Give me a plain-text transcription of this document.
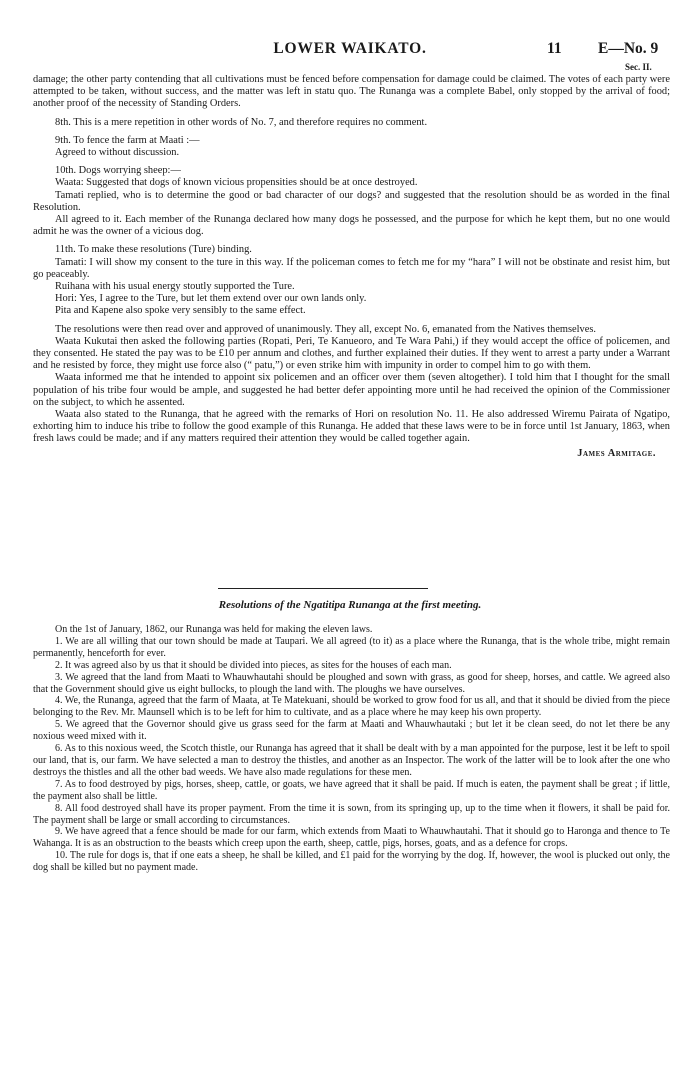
LOWER WAIKATO.	11 E—No. 9
Sec. II.

damage; the other party contending that all cultivations must be fenced before compensation for damage could be claimed. The votes of each party were attempted to be taken, without success, and the matter was left in statu quo. The Runanga was a complete Babel, only stopped by the arrival of food; another proof of the necessity of Standing Orders.

8th. This is a mere repetition in other words of No. 7, and therefore requires no comment.

9th. To fence the farm at Maati :—

Agreed to without discussion.

10th. Dogs worrying sheep:—

Waata: Suggested that dogs of known vicious propensities should be at once destroyed.

Tamati replied, who is to determine the good or bad character of our dogs? and suggested that the resolution should be as worded in the final Resolution.

All agreed to it. Each member of the Runanga declared how many dogs he possessed, and the purpose for which he kept them, but no one would admit he was the owner of a vicious dog.

11th. To make these resolutions (Ture) binding.

Tamati: I will show my consent to the ture in this way. If the policeman comes to fetch me for my “hara” I will not be obstinate and resist him, but go peaceably.

Ruihana with his usual energy stoutly supported the Ture.

Hori: Yes, I agree to the Ture, but let them extend over our own lands only.

Pita and Kapene also spoke very sensibly to the same effect.

The resolutions were then read over and approved of unanimously. They all, except No. 6, emanated from the Natives themselves.

Waata Kukutai then asked the following parties (Ropati, Peri, Te Kanueoro, and Te Wara Pahi,) if they would accept the office of policemen, and they consented. He stated the pay was to be £10 per annum and clothes, and further explained their duties. If they went to arrest a party under a Warrant and he resisted by force, they might use force also (“ patu,”) or even strike him with impunity in order to compel him to go with them.

Waata informed me that he intended to appoint six policemen and an officer over them (seven altogether). I told him that I thought for the small population of his tribe four would be ample, and suggested he had better defer appointing more until he had received the opinion of the Commissioner on the subject, to which he assented.

Waata also stated to the Runanga, that he agreed with the remarks of Hori on resolution No. 11. He also addressed Wiremu Pairata of Ngatipo, exhorting him to induce his tribe to follow the good example of this Runanga. He added that these laws were to be in force until 1st January, 1863, when fresh laws could be made; and if any matters required their attention they would be called together again.

James Armitage.

Resolutions of the Ngatitipa Runanga at the first meeting.

On the 1st of January, 1862, our Runanga was held for making the eleven laws.

1. We are all willing that our town should be made at Taupari. We all agreed (to it) as a place where the Runanga, that is the whole tribe, might remain permanently, henceforth for ever.

2. It was agreed also by us that it should be divided into pieces, as sites for the houses of each man.

3. We agreed that the land from Maati to Whauwhautahi should be ploughed and sown with grass, as good for sheep, horses, and cattle. We agreed also that the Government should give us eight bullocks, to plough the land with. The ploughs we have ourselves.

4. We, the Runanga, agreed that the farm of Maata, at Te Matekuani, should be worked to grow food for us all, and that it should be divied from the piece belonging to the Rev. Mr. Maunsell which is to be left for him to cultivate, and as a place where he may keep his own property.

5. We agreed that the Governor should give us grass seed for the farm at Maati and Whauwhautaki ; but let it be clean seed, do not let there be any noxious weed mixed with it.

6. As to this noxious weed, the Scotch thistle, our Runanga has agreed that it shall be dealt with by a man appointed for the purpose, lest it be left to spoil our land, that is, our farm. We have selected a man to destroy the thistles, and another as an Inspector. The work of the latter will be to look after the one who destroys the thistles and all the other bad weeds. We have also made regulations for these men.

7. As to food destroyed by pigs, horses, sheep, cattle, or goats, we have agreed that it shall be paid. If much is eaten, the payment shall be great ; if little, the payment also shall be little.

8. All food destroyed shall have its proper payment. From the time it is sown, from its springing up, up to the time when it flowers, it shall be paid for. The payment shall be large or small according to circumstances.

9. We have agreed that a fence should be made for our farm, which extends from Maati to Whauwhautahi. That it should go to Haronga and thence to Te Wahanga. It is as an obstruction to the beasts which creep upon the earth, sheep, cattle, pigs, horses, goats, and as a defence for crops.

10. The rule for dogs is, that if one eats a sheep, he shall be killed, and £1 paid for the worrying by the dog. If, however, the wool is plucked out only, the dog shall be killed but no payment made.
